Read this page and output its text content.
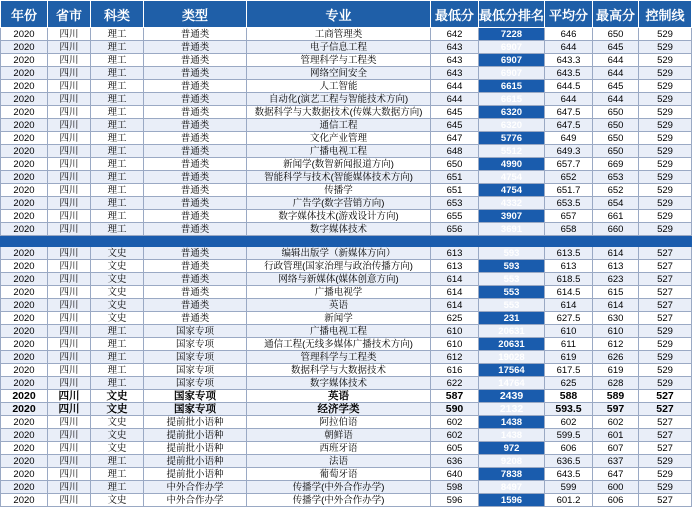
年份	省市	科类	类型	专业	最低分	最低分排名	平均分	最高分	控制线
2020	四川	理工	普通类	工商管理类	642	7228	646	650	529
2020	四川	理工	普通类	电子信息工程	643	6907	644	645	529
2020	四川	理工	普通类	管理科学与工程类	643	6907	643.3	644	529
2020	四川	理工	普通类	网络空间安全	643	6907	643.5	644	529
2020	四川	理工	普通类	人工智能	644	6615	644.5	645	529
2020	四川	理工	普通类	自动化(演艺工程与智能技术方向)	644	6615	644	644	529
2020	四川	理工	普通类	数据科学与大数据技术(传媒大数据方向)	645	6320	647.5	650	529
2020	四川	理工	普通类	通信工程	645	6320	647.5	650	529
2020	四川	理工	普通类	文化产业管理	647	5776	649	650	529
2020	四川	理工	普通类	广播电视工程	648	5512	649.3	650	529
2020	四川	理工	普通类	新闻学(数智新闻报道方向)	650	4990	657.7	669	529
2020	四川	理工	普通类	智能科学与技术(智能媒体技术方向)	651	4754	652	653	529
2020	四川	理工	普通类	传播学	651	4754	651.7	652	529
2020	四川	理工	普通类	广告学(数字营销方向)	653	4332	653.5	654	529
2020	四川	理工	普通类	数字媒体技术(游戏设计方向)	655	3907	657	661	529
2020	四川	理工	普通类	数字媒体技术	656	3691	658	660	529

2020	四川	文史	普通类	编辑出版学（新媒体方向）	613	593	613.5	614	527
2020	四川	文史	普通类	行政管理(国家治理与政治传播方向)	613	593	613	613	527
2020	四川	文史	普通类	网络与新媒体(媒体创意方向)	614	553	618.5	623	527
2020	四川	文史	普通类	广播电视学	614	553	614.5	615	527
2020	四川	文史	普通类	英语	614	553	614	614	527
2020	四川	文史	普通类	新闻学	625	231	627.5	630	527
2020	四川	理工	国家专项	广播电视工程	610	20631	610	610	529
2020	四川	理工	国家专项	通信工程(无线多媒体广播技术方向)	610	20631	611	612	529
2020	四川	理工	国家专项	管理科学与工程类	612	19028	619	626	529
2020	四川	理工	国家专项	数据科学与大数据技术	616	17564	617.5	619	529
2020	四川	理工	国家专项	数字媒体技术	622	14764	625	628	529
2020	四川	文史	国家专项	英语	587	2439	588	589	527
2020	四川	文史	国家专项	经济学类	590	2132	593.5	597	527
2020	四川	文史	提前批小语种	阿拉伯语	602	1438	602	602	527
2020	四川	文史	提前批小语种	朝鲜语	602	1438	599.5	601	527
2020	四川	文史	提前批小语种	西班牙语	605	972	606	607	527
2020	四川	理工	提前批小语种	法语	636	9208	636.5	637	529
2020	四川	理工	提前批小语种	葡萄牙语	640	7838	643.5	647	529
2020	四川	理工	中外合作办学	传播学(中外合作办学)	598	8497	599	600	529
2020	四川	文史	中外合作办学	传播学(中外合作办学)	596	1596	601.2	606	527
